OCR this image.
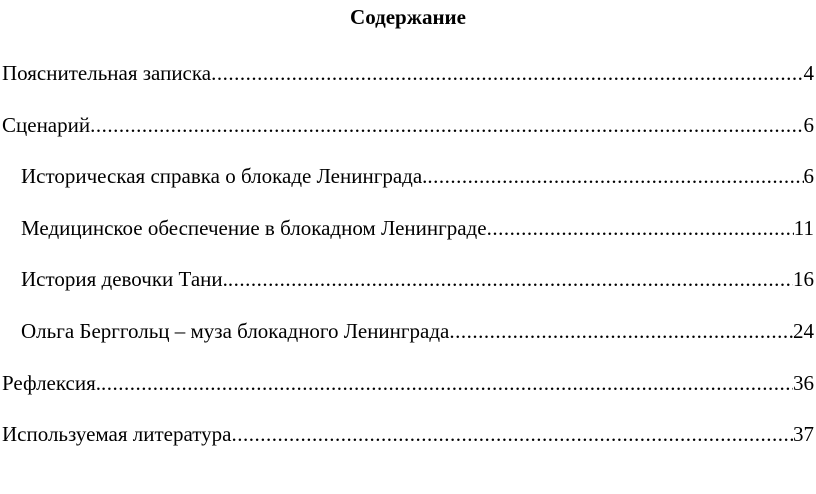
Содержание
Пояснительная записка .....	4
Сценарий .....	6
Историческая справка о блокаде Ленинграда. .....	6
Медицинское обеспечение в блокадном Ленинграде .....	11
История девочки Тани. .....	16
Ольга Берггольц – муза блокадного Ленинграда .....	24
Рефлексия. .....	36
Используемая литература .....	37
